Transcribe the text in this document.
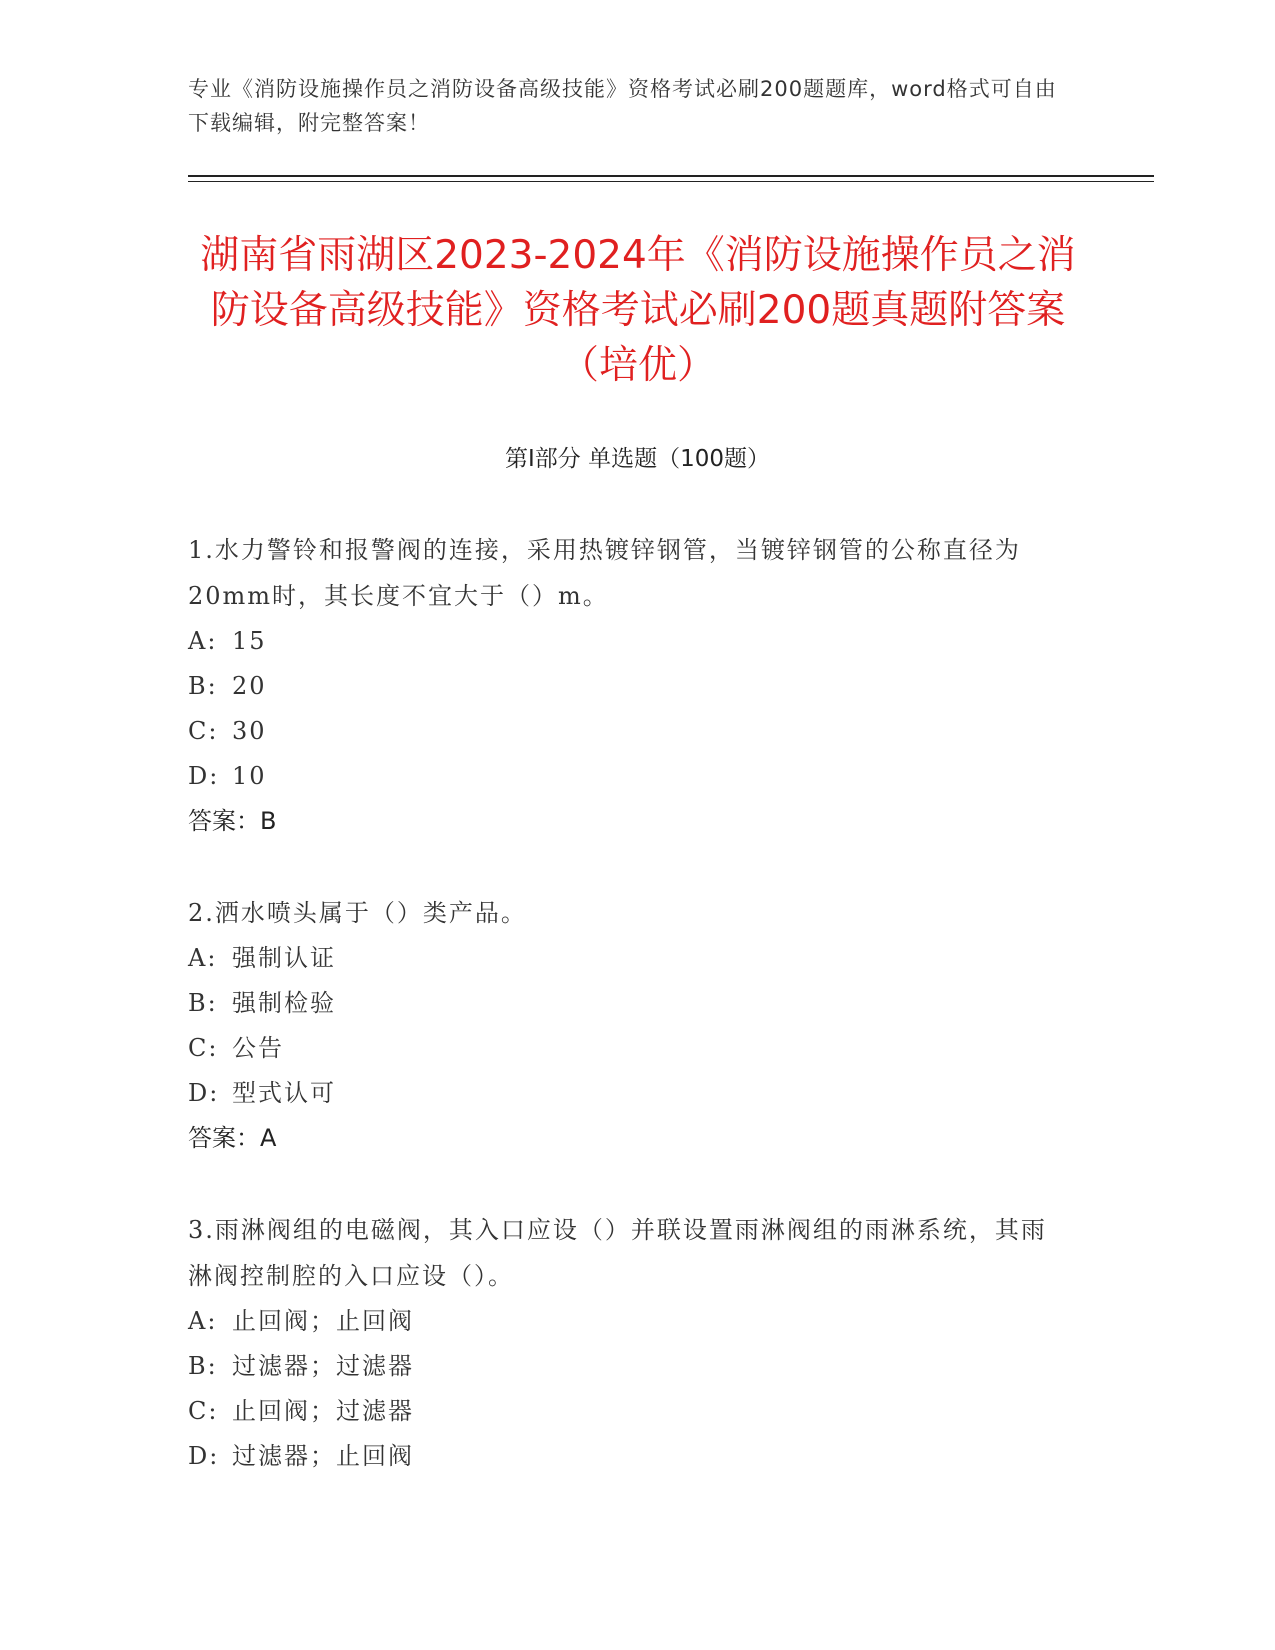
专业《消防设施操作员之消防设备高级技能》资格考试必刷200题题库，word格式可自由下载编辑，附完整答案！
湖南省雨湖区2023-2024年《消防设施操作员之消防设备高级技能》资格考试必刷200题真题附答案（培优）
第Ⅰ部分 单选题（100题）
1.水力警铃和报警阀的连接，采用热镀锌钢管，当镀锌钢管的公称直径为20mm时，其长度不宜大于（）m。
A: 15
B: 20
C: 30
D: 10
答案：B
2.洒水喷头属于（）类产品。
A: 强制认证
B: 强制检验
C: 公告
D: 型式认可
答案：A
3.雨淋阀组的电磁阀，其入口应设（）并联设置雨淋阀组的雨淋系统，其雨淋阀控制腔的入口应设（）。
A: 止回阀；止回阀
B: 过滤器；过滤器
C: 止回阀；过滤器
D: 过滤器；止回阀
